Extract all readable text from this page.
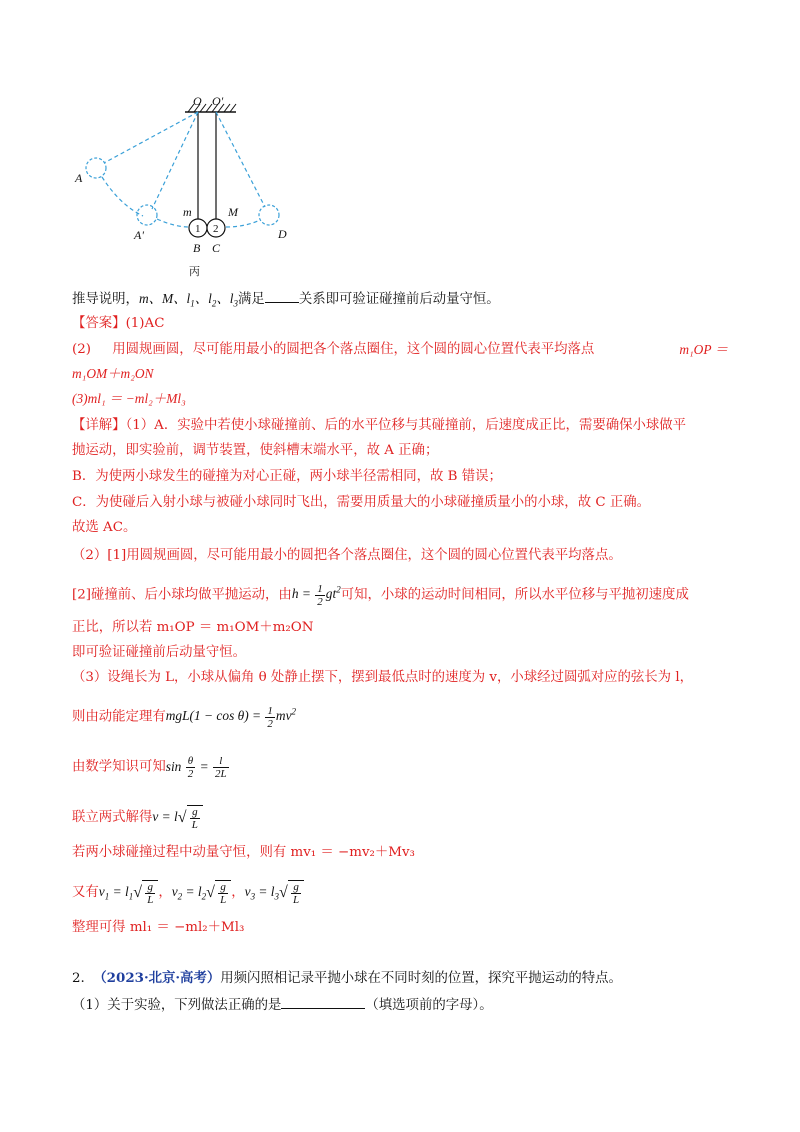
O O'
A
A'	D
m	M
B C
1 2
丙
推导说明，m、M、$l_1$、$l_2$、$l_3$满足	关系即可验证碰撞前后动量守恒。
【答案】(1)AC
(2) 用圆规画圆，尽可能用最小的圆把各个落点圈住，这个圆的圆心位置代表平均落点	m₁OP ＝
m₁OM＋m₂ON
(3)ml₁ ＝ −ml₂＋Ml₃
【详解】（1）A．实验中若使小球碰撞前、后的水平位移与其碰撞前，后速度成正比，需要确保小球做平
抛运动，即实验前，调节装置，使斜槽末端水平，故 A 正确；
B．为使两小球发生的碰撞为对心正碰，两小球半径需相同，故 B 错误；
C．为使碰后入射小球与被碰小球同时飞出，需要用质量大的小球碰撞质量小的小球，故 C 正确。
故选 AC。
（2）[1]用圆规画圆，尽可能用最小的圆把各个落点圈住，这个圆的圆心位置代表平均落点。
[2]碰撞前、后小球均做平抛运动，由$h = \frac{1}{2} gt^2$可知，小球的运动时间相同，所以水平位移与平抛初速度成
正比，所以若 m₁OP ＝ m₁OM＋m₂ON
即可验证碰撞前后动量守恒。
（3）设绳长为 L，小球从偏角 θ 处静止摆下，摆到最低点时的速度为 v，小球经过圆弧对应的弦长为 l，
则由动能定理有$mgL(1 - \cos \theta) = \frac{1}{2} mv^2$
由数学知识可知$\sin \frac{\theta}{2} = \frac{l}{2L}$
联立两式解得v = l √ $\frac{g}{L}$
若两小球碰撞过程中动量守恒，则有 mv₁ ＝ −mv₂＋Mv₃
又有$v_1 = l_1$ √ $\frac{g}{L}$ ，$v_2 = l_2$ √ $\frac{g}{L}$ ，$v_3 = l_3$ √ $\frac{g}{L}$
整理可得 ml₁ ＝ −ml₂＋Ml₃
2. （2023·北京·高考）用频闪照相记录平抛小球在不同时刻的位置，探究平抛运动的特点。
（1）关于实验，下列做法正确的是	（填选项前的字母）。
